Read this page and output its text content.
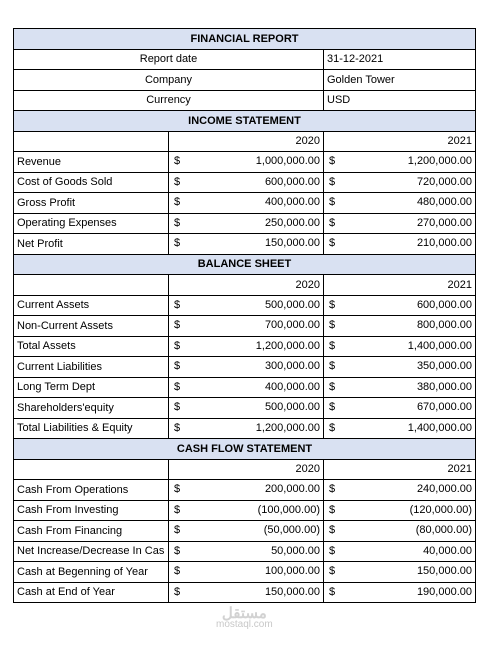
FINANCIAL REPORT		
Report date		31-12-2021
Company		Golden Tower
Currency		USD
INCOME STATEMENT		
	2020	2021
Revenue	$ 1,000,000.00	$ 1,200,000.00

Cost of Goods Sold	$ 600,000.00	$ 720,000.00

Gross Profit	$ 400,000.00	$ 480,000.00

Operating Expenses	$ 250,000.00	$ 270,000.00

Net Profit	$ 150,000.00	$ 210,000.00

BALANCE SHEET		
	2020	2021
Current Assets	$ 500,000.00	$ 600,000.00

Non-Current Assets	$ 700,000.00	$ 800,000.00

Total Assets	$ 1,200,000.00	$ 1,400,000.00

Current Liabilities	$ 300,000.00	$ 350,000.00

Long Term Dept	$ 400,000.00	$ 380,000.00

Shareholders'equity	$ 500,000.00	$ 670,000.00

Total Liabilities & Equity	$ 1,200,000.00	$ 1,400,000.00

CASH FLOW STATEMENT		
	2020	2021
Cash From Operations	$ 200,000.00	$ 240,000.00

Cash From Investing	$ (100,000.00)	$ (120,000.00)

Cash From Financing	$ (50,000.00)	$ (80,000.00)

Net Increase/Decrease In Cas	$ 50,000.00	$ 40,000.00

Cash at Begenning of Year	$ 100,000.00	$ 150,000.00

Cash at End of Year	$ 150,000.00	$ 190,000.00
مستقل
mostaql.com
